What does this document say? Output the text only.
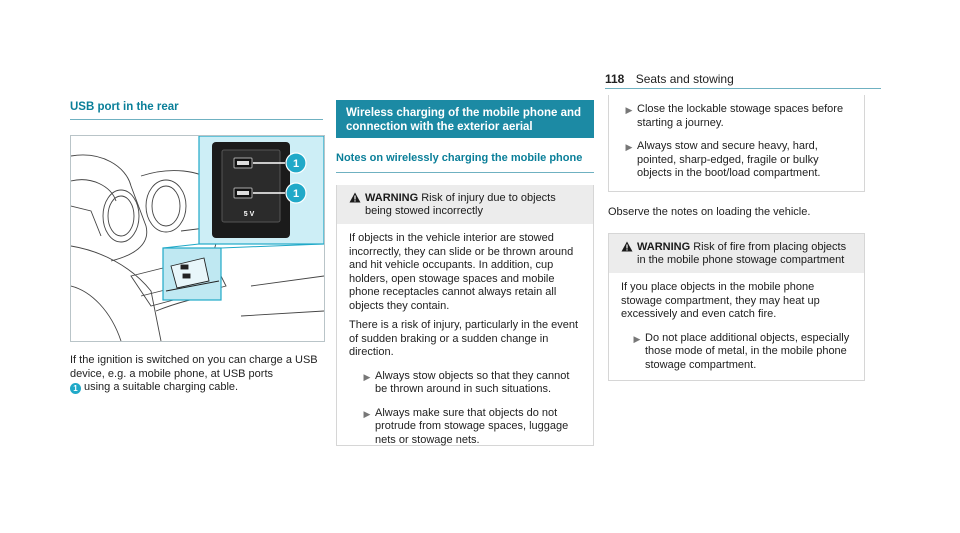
118 Seats and stowing
USB port in the rear
1
1
5 V
If the ignition is switched on you can charge a USB device, e.g. a mobile phone, at USB ports
1 using a suitable charging cable.
Wireless charging of the mobile phone and connection with the exterior aerial
Notes on wirelessly charging the mobile phone
WARNING Risk of injury due to objects being stowed incorrectly

If objects in the vehicle interior are stowed incorrectly, they can slide or be thrown around and hit vehicle occupants. In addition, cup holders, open stowage spaces and mobile phone receptacles cannot always retain all objects they contain.

There is a risk of injury, particularly in the event of sudden braking or a sudden change in direction.

▶ Always stow objects so that they cannot be thrown around in such situations.
▶ Always make sure that objects do not protrude from stowage spaces, luggage nets or stowage nets.
▶ Close the lockable stowage spaces before starting a journey.
▶ Always stow and secure heavy, hard, pointed, sharp-edged, fragile or bulky objects in the boot/load compartment.
Observe the notes on loading the vehicle.
WARNING Risk of fire from placing objects in the mobile phone stowage compartment

If you place objects in the mobile phone stowage compartment, they may heat up excessively and even catch fire.

▶ Do not place additional objects, especially those mode of metal, in the mobile phone stowage compartment.
